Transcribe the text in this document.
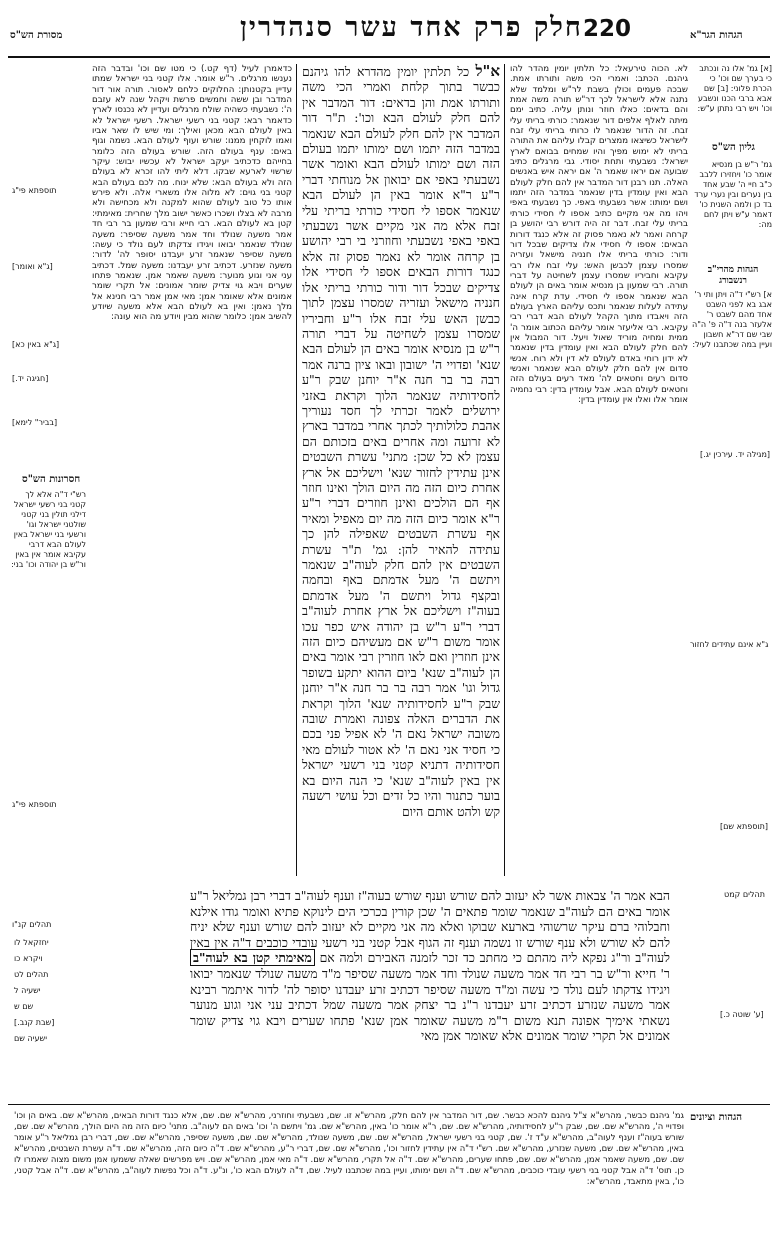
מסורת הש"ס	חלק פרק אחד עשר סנהדרין 220	הגהות הגר"א
[א] גמ' אלו נה ונכתב כי בערך שם וכו' כי הכרת פלוני: [ב] שם אבא ברבי הכנו ונשבע וכו' ויש רבי נתתן ע"ש:
גליון הש"ס
גמ' ר"ש בן מנסיא אומר כו' ויחזירו ללבב כ"ב חיי ה' שבע אחד בין נערים ובין נערי ערד בד כן ולמה השנית כו' דאמר ע"ש ויתן לחם מה:
הגהות מהרי"ב רנשבורג
א] רש"י ד"ה ויתן ותי ר' אבג בא לפני השבט אחד מהם לשבט ר' אלעזר בנה ד"ה פ' ה"ה שבי שם דר"א חשבון ועיין במה שכתבנו לעיל:
[מגילה יד. עירכין יג.]
ג"א אינם עתידים לחזור
[תוספתא שם]
[ע' שוטה כ.]
תהלים קמט
חסרונות הש"ס
רש"י ד"ה אלא לך קטני בני רשעי ישראל דילני תולין בני קטני שולטני ישראל וגו' ורשעי בני ישראל באין לעולם הבא דרבי עקיבא אומר אין באין ור"ש בן יהודה וכו' בני:
תוספתא פי"ג
[ג"א ואומר]
[ג"א באין כא]
[חגיגה יד.]
[בביר" לימא]
תוספתא פי"ג
תהלים קנ"ו
יחזקאל לו
ויקרא כו
תהלים לט
ישעיה ל
שם ש
[שבת קנב.]
ישעיה שם

לא. הכוה טירעאל: כל תלתין יומין מהדר להו גיהנם. הכתב: ואמרי הכי משה ותורתו אמת. שבכה פעמים וכולן בשבת לר"ש ומלמד שלא נתנה אלא לישראל לכך דר"ש תורה משה אמת והם בדאים: כאלו חוזר ונותן עליה. כתיב ימם מיתה לאלף אלפים דור שנאמר: כורתי בריתי עלי זבח. זה הדור שנאמר לו כרותי בריתי עלי זבח לישראל כשיצאו ממצרים קבלו עליהם את התורה בריתי לא ימוש מפיך והיו שמחים בבואם לארץ ישראל: נשבעתי ותחת יסודי. גבי מרגלים כתיב שבועה אם יראו שאמר ה' אם יראה איש באנשים האלה. תנו רבנן דור המדבר אין להם חלק לעולם הבא ואין עומדין בדין שנאמר במדבר הזה יתמו ושם ימותו: אשר נשבעתי באפי. כך נשבעתי באפי ויהו מה אני מקיים כתיב אספו לי חסידי כורתי בריתי עלי זבח. דבר זה היה דורש רבי יהושע בן קרחה ואמר לא נאמר פסוק זה אלא כנגד דורות הבאים: אספו לי חסידי אלו צדיקים שבכל דור ודור: כורתי בריתי אלו חנניה מישאל ועזריה שמסרו עצמן לכבשן האש: עלי זבח אלו רבי עקיבא וחביריו שמסרו עצמן לשחיטה על דברי תורה. רבי שמעון בן מנסיא אומר באים הן לעולם הבא שנאמר אספו לי חסידי. עדת קרח אינה עתידה לעלות שנאמר ותכס עליהם הארץ בעולם הזה ויאבדו מתוך הקהל לעולם הבא דברי רבי עקיבא. רבי אליעזר אומר עליהם הכתוב אומר ה' ממית ומחיה מוריד שאול ויעל. דור המבול אין להם חלק לעולם הבא ואין עומדין בדין שנאמר לא ידון רוחי באדם לעולם לא דין ולא רוח. אנשי סדום אין להם חלק לעולם הבא שנאמר ואנשי סדום רעים וחטאים לה' מאד רעים בעולם הזה וחטאים לעולם הבא. אבל עומדין בדין: רבי נחמיה אומר אלו ואלו אין עומדין בדין:

א"ל כל תלתין יומין מהדרא להו גיהנם כבשר בתוך קלחת ואמרי הכי משה ותורתו אמת והן בדאים: דור המדבר אין להם חלק לעולם הבא וכו': ת"ר דור המדבר אין להם חלק לעולם הבא שנאמר במדבר הזה יתמו ושם ימותו יתמו בעולם הזה ושם ימותו לעולם הבא ואומר אשר נשבעתי באפי אם יבואון אל מנוחתי דברי ר"ע ר"א אומר באין הן לעולם הבא שנאמר אספו לי חסידי כורתי בריתי עלי זבח אלא מה אני מקיים אשר נשבעתי באפי באפי נשבעתי וחוזרני בי רבי יהושע בן קרחה אומר לא נאמר פסוק זה אלא כנגד דורות הבאים אספו לי חסידי אלו צדיקים שבכל דור ודור כורתי בריתי אלו חנניה מישאל ועזריה שמסרו עצמן לתוך כבשן האש עלי זבח אלו ר"ע וחביריו שמסרו עצמן לשחיטה על דברי תורה ר"ש בן מנסיא אומר באים הן לעולם הבא שנא' ופדויי ה' ישובון ובאו ציון ברנה אמר רבה בר בר חנה א"ר יוחנן שבק ר"ע לחסידותיה שנאמר הלוך וקראת באזני ירושלים לאמר זכרתי לך חסד נעוריך אהבת כלולותיך לכתך אחרי במדבר בארץ לא זרועה ומה אחרים באים בזכותם הם עצמן לא כל שכן: מתני' עשרת השבטים אינן עתידין לחזור שנא' וישליכם אל ארץ אחרת כיום הזה מה היום הולך ואינו חוזר אף הם הולכים ואינן חוזרים דברי ר"ע ר"א אומר כיום הזה מה יום מאפיל ומאיר אף עשרת השבטים שאפילה להן כך עתידה להאיר להן: גמ' ת"ר עשרת השבטים אין להם חלק לעוה"ב שנאמר ויתשם ה' מעל אדמתם באף ובחמה ובקצף גדול ויתשם ה' מעל אדמתם בעוה"ז וישליכם אל ארץ אחרת לעוה"ב דברי ר"ע ר"ש בן יהודה איש כפר עכו אומר משום ר"ש אם מעשיהם כיום הזה אינן חוזרין ואם לאו חוזרין רבי אומר באים הן לעוה"ב שנא' ביום ההוא יתקע בשופר גדול וגו' אמר רבה בר בר חנה א"ר יוחנן שבק ר"ע לחסידותיה שנא' הלוך וקראת את הדברים האלה צפונה ואמרת שובה משובה ישראל נאם ה' לא אפיל פני בכם כי חסיד אני נאם ה' לא אטור לעולם מאי חסידותיה דתניא קטני בני רשעי ישראל אין באין לעוה"ב שנא' כי הנה היום בא בוער כתנור והיו כל זדים וכל עושי רשעה קש ולהט אותם היום

כדאמרן לעיל (דף קט.) כי מטו שם וכו' ובדבר הזה נענשו מרגלים. ר"ש אומר. אלו קטני בני ישראל שמתו עדיין בקטנותן: החלוקים כלחם לאסור. תורה אור דור המדבר ובן ששה וחמשים פרשת ויקהל שנה לא עזבם ה': נשבעתי כשהיה שולח מרגלים ועדיין לא נכנסו לארץ כדאמר רבא: קטני בני רשעי ישראל. רשעי ישראל לא באין לעולם הבא מכאן ואילך: ומי שיש לו שאר אביו ואמו לוקחין ממנו: שורש ועוף לעולם הבא. נשמה וגוף באים: ענף בעולם הזה. שורש בעולם הזה כלומר בחייהם כדכתיב יעקב ישראל לא עכשיו יבוש: עיקר שרשוי לארעא שבקו. דלא ליתי להו זכרא לא בעולם הזה ולא בעולם הבא: שלא ינוח. מה לכם בעולם הבא קטני בני גוים: לא מלוה אלו משארי אלה. ולא פירש אותו כל טוב לעולם שהוא למקנה ולא מכחישה ולא מרבה לא בצלו ושכרו כאשר ישוב מלך שחרית: מאימתי: קטן בא לעולם הבא. רבי חייא ורבי שמעון בר רבי חד אמר משעה שנולד וחד אמר משעה שסיפר: משעה שנולד שנאמר יבואו ויגידו צדקתו לעם נולד כי עשה: משעה שסיפר שנאמר זרע יעבדנו יסופר לה' לדור: משעה שנזרע. דכתיב זרע יעבדנו: משעה שמל. דכתיב עני אני וגוע מנוער: משעה שאמר אמן. שנאמר פתחו שערים ויבא גוי צדיק שומר אמונים: אל תקרי שומר אמונים אלא שאומר אמן: מאי אמן אמר רבי חנינא אל מלך נאמן: ואין בא לעולם הבא אלא משעה שיודע להשיב אמן: כלומר שהוא מבין ויודע מה הוא עונה:

הבא אמר ה' צבאות אשר לא יעזוב להם שורש וענף שורש בעוה"ז וענף לעוה"ב דברי רבן גמליאל ר"ע אומר באים הם לעוה"ב שנאמר שומר פתאים ה' שכן קורין בכרכי הים לינוקא פתיא ואומר גודו אילנא וחבלוהי ברם עיקר שרשוהי בארעא שבוקו ואלא מה אני מקיים לא יעזוב להם שורש וענף שלא יניח להם לא שורש ולא ענף שורש זו נשמה וענף זה הגוף אבל קטני בני רשעי עובדי כוכבים ד"ה אין באין לעוה"ב ור"ג נפקא ליה מהתם כי מחתב כד זכר לזמנה האבירם ולמה אם מאימתי קטן בא לעוה"ב ר' חייא ור"ש בר רבי חד אמר משעה שנולד וחד אמר משעה שסיפר מ"ד משעה שנולד שנאמר יבואו ויגידו צדקתו לעם נולד כי עשה ומ"ד משעה שסיפר דכתיב זרע יעבדנו יסופר לה' לדור איתמר רבינא אמר משעה שנזרע דכתיב זרע יעבדנו ר"נ בר יצחק אמר משעה שמל דכתיב עני אני וגוע מנוער נשאתי אימיך אפונה תנא משום ר"מ משעה שאומר אמן שנא' פתחו שערים ויבא גוי צדיק שומר אמונים אל תקרי שומר אמונים אלא שאומר אמן מאי
הגהות וציונים
גמ' גיהנם כבשר, מהרש"א צ"ל גיהנם להכא כבשר. שם, דור המדבר אין להם חלק, מהרש"א זו. שם, נשבעתי וחוזרני, מהרש"א שם. שם, אלא כנגד דורות הבאים, מהרש"א שם. באים הן וכו' ופדויי ה', מהרש"א שם. שם, שבק ר"ע לחסידותיה, מהרש"א שם. שם, ר"א אומר כו' באין, מהרש"א שם. גמ' ויתשם ה' וכו' באים הם לעוה"ב. מתני' כיום הזה מה היום הולך, מהרש"א שם. שם, שורש בעוה"ז וענף לעוה"ב, מהרש"א ע"ד ז'. שם, קטני בני רשעי ישראל, מהרש"א שם. שם, משעה שנולד, מהרש"א שם. שם, משעה שסיפר, מהרש"א שם. שם, דברי רבן גמליאל ר"ע אומר באין, מהרש"א שם. שם, משעה שנזרע, מהרש"א שם. רש"י ד"ה אין עתידין לחזור וכו', מהרש"א שם. שם, דברי ר"ע, מהרש"א שם. ד"ה כיום הזה, מהרש"א שם. ד"ה עשרת השבטים, מהרש"א שם. שם, משעה שאמר אמן, מהרש"א שם. שם, פתחו שערים, מהרש"א שם. ד"ה אל תקרי, מהרש"א שם. ד"ה מאי אמן, מהרש"א שם. ויש מפרשים שאלה ששמעו אמן משום מצוה שאמרו לו כן. תוס' ד"ה אבל קטני בני רשעי עובדי כוכבים, מהרש"א שם. ד"ה ושם ימותו, ועיין במה שכתבנו לעיל. שם, ד"ה לעולם הבא כו', ונ"ע. ד"ה וכל נפשות לעוה"ב, מהרש"א שם. ד"ה אבל קטני, כו', באין מתאבד, מהרש"א:
